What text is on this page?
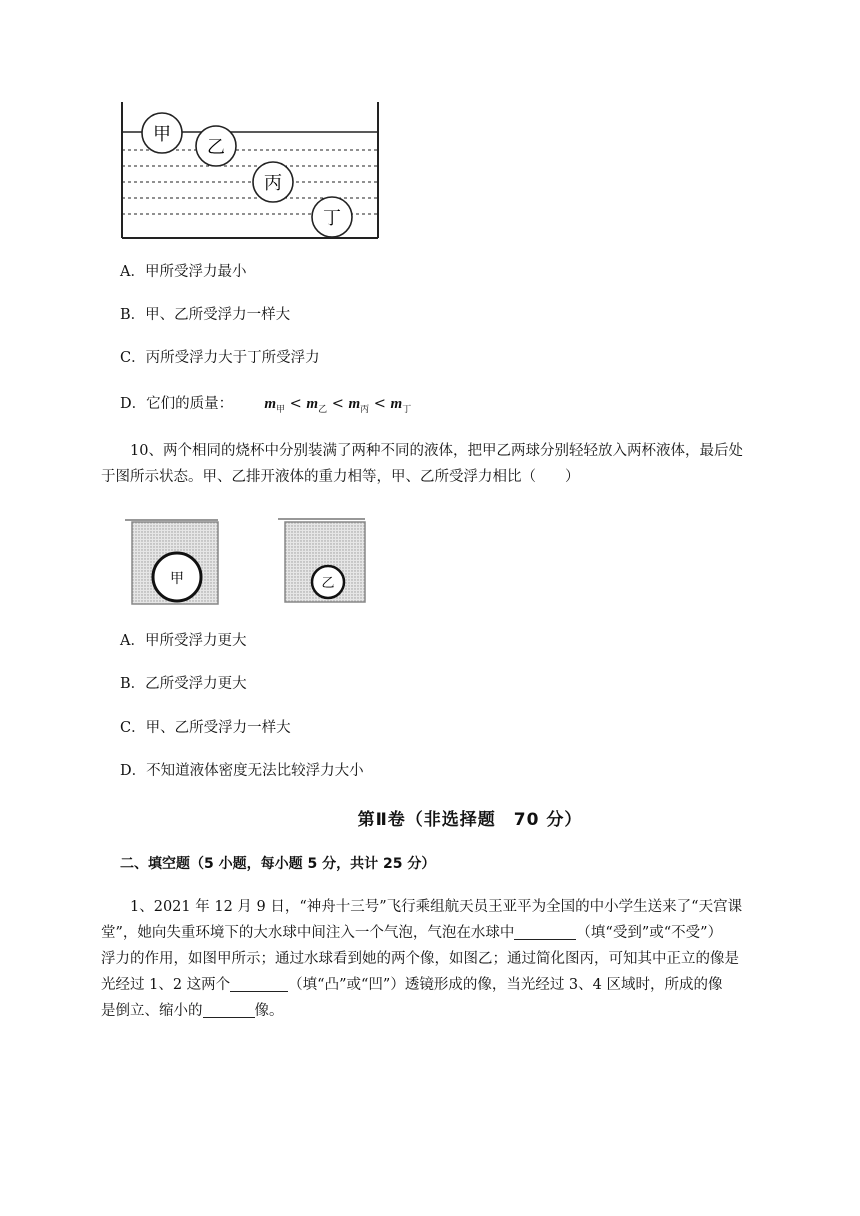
甲
乙
丙
丁
A．甲所受浮力最小
B．甲、乙所受浮力一样大
C．丙所受浮力大于丁所受浮力
D．它们的质量： $m_甲 < m_乙 < m_丙 < m_丁$
10、两个相同的烧杯中分别装满了两种不同的液体，把甲乙两球分别轻轻放入两杯液体，最后处
于图所示状态。甲、乙排开液体的重力相等，甲、乙所受浮力相比（　　）
甲	乙
A．甲所受浮力更大
B．乙所受浮力更大
C．甲、乙所受浮力一样大
D．不知道液体密度无法比较浮力大小
第Ⅱ卷（非选择题　70 分）
二、填空题（5 小题，每小题 5 分，共计 25 分）
1、2021 年 12 月 9 日，“神舟十三号”飞行乘组航天员王亚平为全国的中小学生送来了“天宫课
堂”，她向失重环境下的大水球中间注入一个气泡，气泡在水球中	（填“受到”或“不受”）
浮力的作用，如图甲所示；通过水球看到她的两个像，如图乙；通过简化图丙，可知其中正立的像是
光经过 1、2 这两个	（填“凸”或“凹”）透镜形成的像，当光经过 3、4 区域时，所成的像
是倒立、缩小的	像。
